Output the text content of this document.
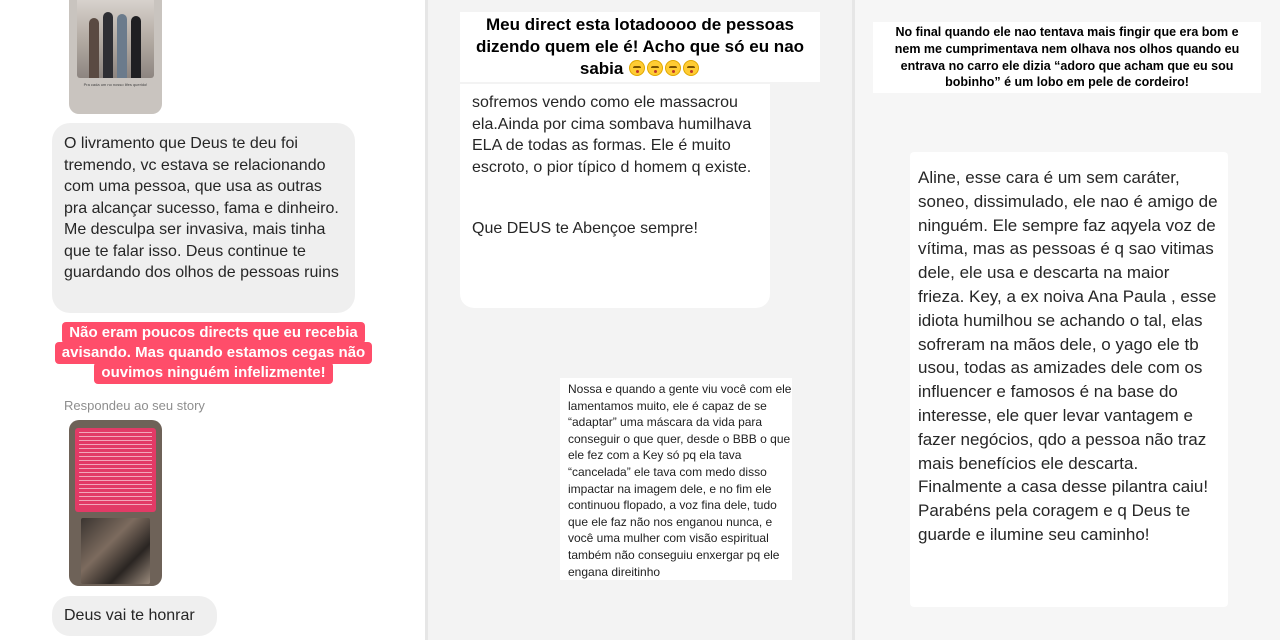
Pra cada um no nosso lifes querido!
O livramento que Deus te deu foi tremendo, vc estava se relacionando com uma pessoa, que usa as outras pra alcançar sucesso, fama e dinheiro. Me desculpa ser invasiva, mais tinha que te falar isso. Deus continue te guardando dos olhos de pessoas ruins
Não eram poucos directs que eu recebia
avisando. Mas quando estamos cegas não
ouvimos ninguém infelizmente!
Respondeu ao seu story
Deus vai te honrar
Meu direct esta lotadoooo de pessoas dizendo quem ele é! Acho que só eu nao sabia
sofremos vendo como ele massacrou ela.Ainda por cima sombava humilhava ELA de todas as formas. Ele é muito escroto, o pior típico d homem q existe.
Que DEUS te Abençoe sempre!
Nossa e quando a gente viu você com ele lamentamos muito, ele é capaz de se “adaptar” uma máscara da vida para conseguir o que quer, desde o BBB o que ele fez com a Key só pq ela tava “cancelada” ele tava com medo disso impactar na imagem dele, e no fim ele continuou flopado, a voz fina dele, tudo que ele faz não nos enganou nunca, e você uma mulher com visão espiritual também não conseguiu enxergar pq ele engana direitinho
No final quando ele nao tentava mais fingir que era bom e nem me cumprimentava nem olhava nos olhos quando eu entrava no carro ele dizia “adoro que acham que eu sou bobinho” é um lobo em pele de cordeiro!
Aline, esse cara é um sem caráter, soneo, dissimulado, ele nao é amigo de ninguém. Ele sempre faz aqyela voz de vítima, mas as pessoas é q sao vitimas dele, ele usa e descarta na maior frieza. Key, a ex noiva Ana Paula , esse idiota humilhou se achando o tal, elas sofreram na mãos dele, o yago ele tb usou, todas as amizades dele com os influencer e famosos é na base do interesse, ele quer levar vantagem e fazer negócios, qdo a pessoa não traz mais benefícios ele descarta. Finalmente a casa desse pilantra caiu! Parabéns pela coragem e q Deus te guarde e ilumine seu caminho!
